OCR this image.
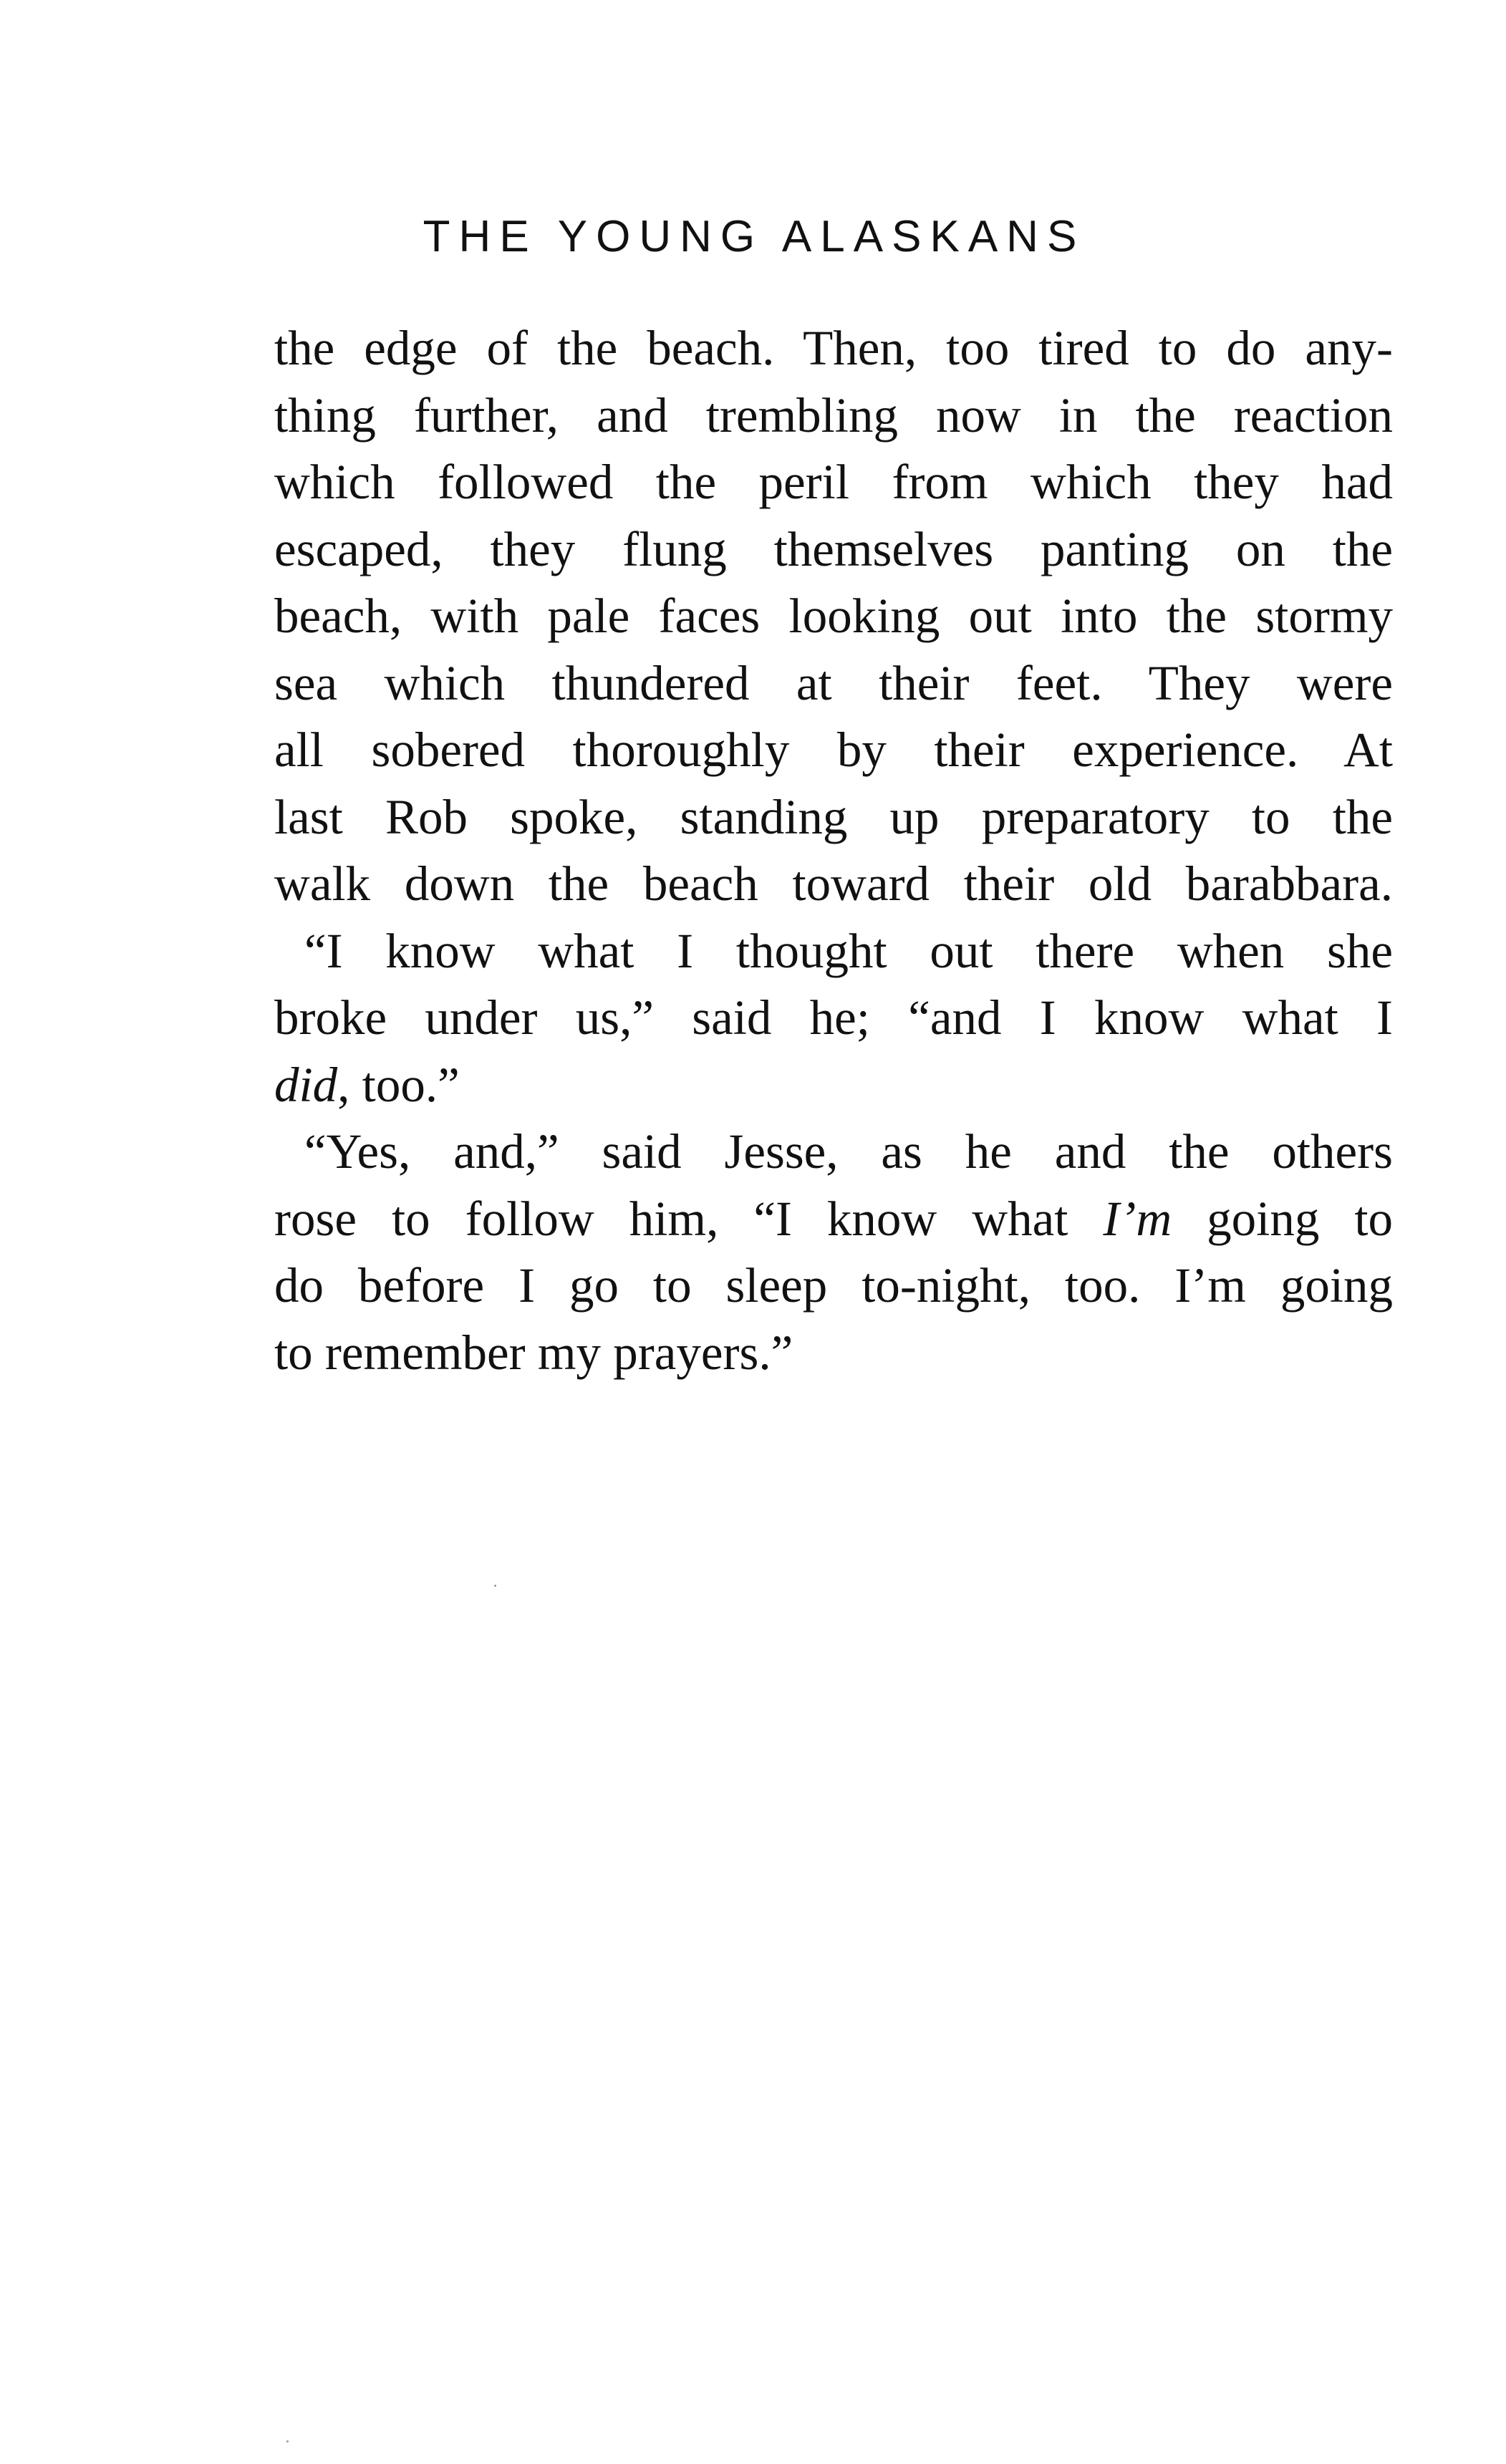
THE YOUNG ALASKANS

the edge of the beach. Then, too tired to do any-
thing further, and trembling now in the reaction
which followed the peril from which they had
escaped, they flung themselves panting on the
beach, with pale faces looking out into the stormy
sea which thundered at their feet. They were
all sobered thoroughly by their experience. At
last Rob spoke, standing up preparatory to the
walk down the beach toward their old barabbara.

“I know what I thought out there when she
broke under us,” said he; “and I know what I
did, too.”

“Yes, and,” said Jesse, as he and the others
rose to follow him, “I know what I’m going to
do before I go to sleep to-night, too. I’m going
to remember my prayers.”
